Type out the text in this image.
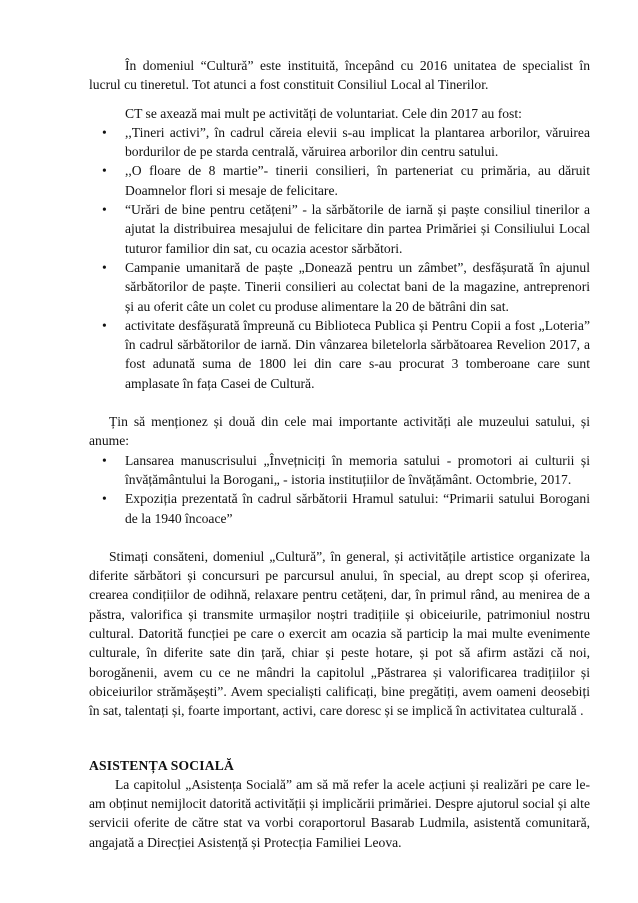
În domeniul “Cultură” este instituită, începând cu 2016 unitatea de specialist în lucrul cu tineretul. Tot atunci a fost constituit Consiliul Local al Tinerilor.

CT se axează mai mult pe activități de voluntariat. Cele din 2017 au fost:

• ,,Tineri activi”, în cadrul căreia elevii s-au implicat la plantarea arborilor, văruirea bordurilor de pe starda centrală, văruirea arborilor din centru satului.
• ,,O floare de 8 martie”- tinerii consilieri, în parteneriat cu primăria, au dăruit Doamnelor flori si mesaje de felicitare.
• “Urări de bine pentru cetățeni” - la sărbătorile de iarnă și paște consiliul tinerilor a ajutat la distribuirea mesajului de felicitare din partea Primăriei și Consiliului Local tuturor familior din sat, cu ocazia acestor sărbători.
• Campanie umanitară de paște „Donează pentru un zâmbet”, desfășurată în ajunul sărbătorilor de paște. Tinerii consilieri au colectat bani de la magazine, antreprenori și au oferit câte un colet cu produse alimentare la 20 de bătrâni din sat.
• activitate desfășurată împreună cu Biblioteca Publica și Pentru Copii a fost „Loteria” în cadrul sărbătorilor de iarnă. Din vânzarea biletelorla sărbătoarea Revelion 2017, a fost adunată suma de 1800 lei din care s-au procurat 3 tomberoane care sunt amplasate în fața Casei de Cultură.

Țin să menționez și două din cele mai importante activități ale muzeului satului, și anume:

• Lansarea manuscrisului „Învețniciți în memoria satului - promotori ai culturii și învățământului la Borogani„ - istoria instituțiilor de învățământ. Octombrie, 2017.
• Expoziția prezentată în cadrul sărbătorii Hramul satului: “Primarii satului Borogani de la 1940 încoace”

Stimați consăteni, domeniul „Cultură”, în general, și activitățile artistice organizate la diferite sărbători și concursuri pe parcursul anului, în special, au drept scop și oferirea, crearea condițiilor de odihnă, relaxare pentru cetățeni, dar, în primul rând, au menirea de a păstra, valorifica și transmite urmașilor noștri tradițiile și obiceiurile, patrimoniul nostru cultural. Datorită funcției pe care o exercit am ocazia să particip la mai multe evenimente culturale, în diferite sate din țară, chiar și peste hotare, și pot să afirm astăzi că noi, borogănenii, avem cu ce ne mândri la capitolul „Păstrarea și valorificarea tradițiilor și obiceiurilor strămășești”. Avem specialiști calificați, bine pregătiți, avem oameni deosebiți în sat, talentați și, foarte important, activi, care doresc și se implică în activitatea culturală .

ASISTENȚA SOCIALĂ

La capitolul „Asistența Socială” am să mă refer la acele acțiuni și realizări pe care le-am obținut nemijlocit datorită activității și implicării primăriei. Despre ajutorul social și alte servicii oferite de către stat va vorbi coraportorul Basarab Ludmila, asistentă comunitară, angajată a Direcției Asistență și Protecția Familiei Leova.
